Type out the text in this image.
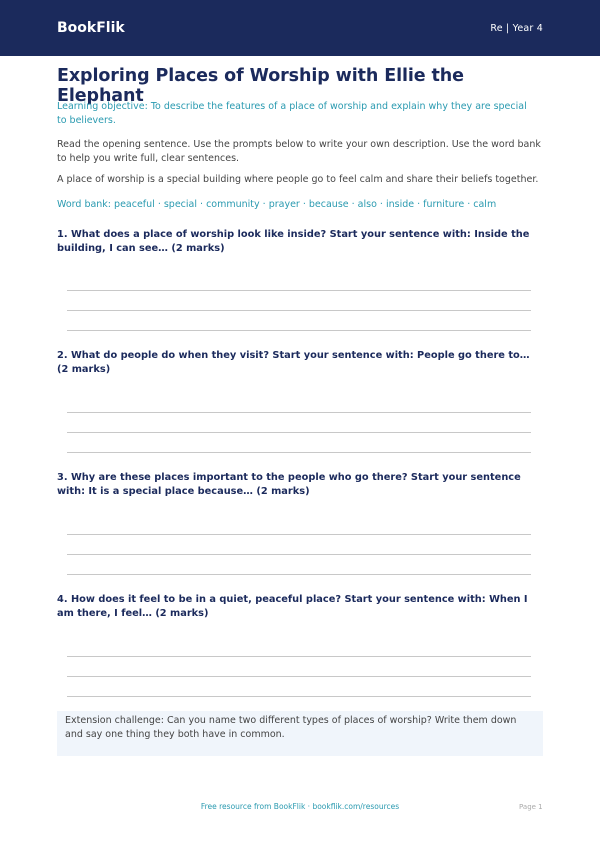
BookFlik	Re | Year 4
Exploring Places of Worship with Ellie the Elephant
Learning objective: To describe the features of a place of worship and explain why they are special to believers.
Read the opening sentence. Use the prompts below to write your own description. Use the word bank to help you write full, clear sentences.
A place of worship is a special building where people go to feel calm and share their beliefs together.
Word bank: peaceful · special · community · prayer · because · also · inside · furniture · calm
1. What does a place of worship look like inside? Start your sentence with: Inside the building, I can see… (2 marks)
2. What do people do when they visit? Start your sentence with: People go there to… (2 marks)
3. Why are these places important to the people who go there? Start your sentence with: It is a special place because… (2 marks)
4. How does it feel to be in a quiet, peaceful place? Start your sentence with: When I am there, I feel… (2 marks)
Extension challenge: Can you name two different types of places of worship? Write them down and say one thing they both have in common.
Free resource from BookFlik · bookflik.com/resources	Page 1
